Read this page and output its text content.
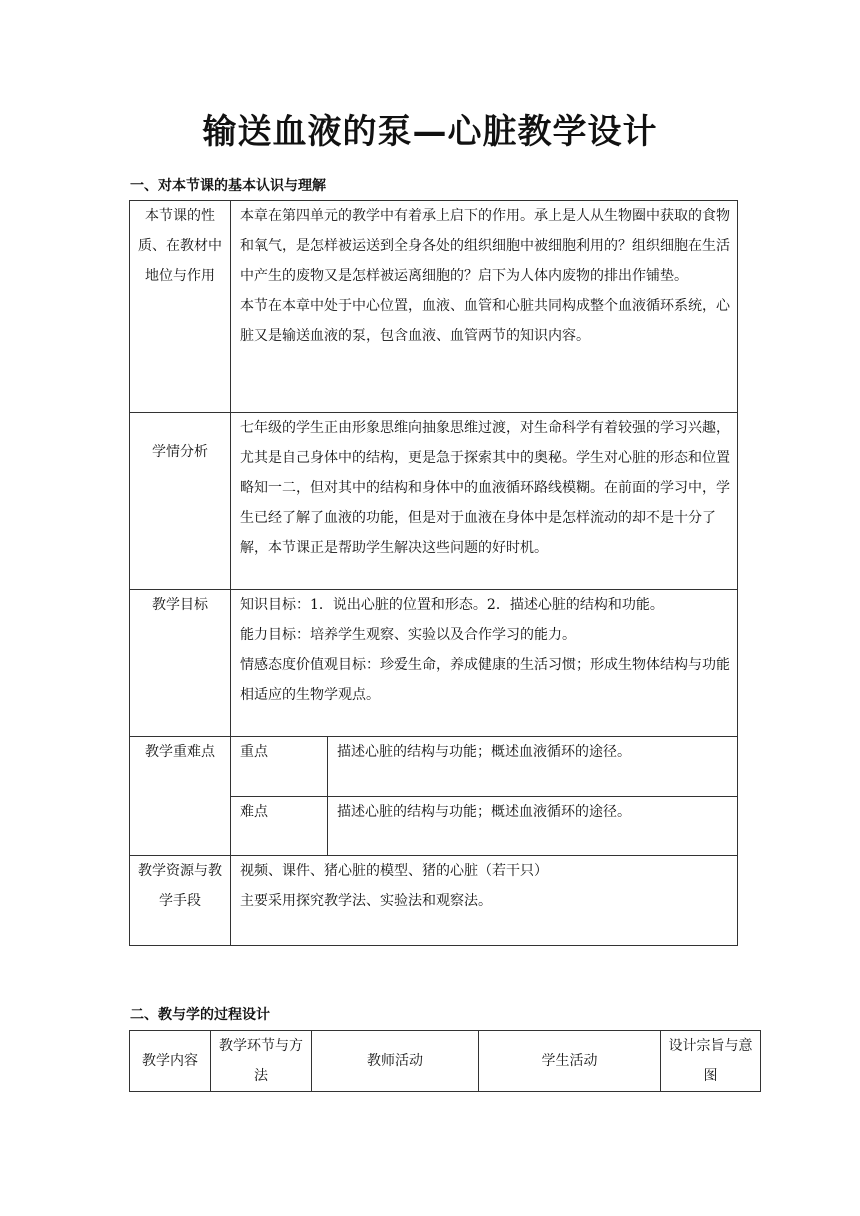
输送血液的泵—心脏教学设计
一、对本节课的基本认识与理解
本节课的性质、在教材中地位与作用	本章在第四单元的教学中有着承上启下的作用。承上是人从生物圈中获取的食物和氧气，是怎样被运送到全身各处的组织细胞中被细胞利用的？组织细胞在生活中产生的废物又是怎样被运离细胞的？启下为人体内废物的排出作铺垫。

本节在本章中处于中心位置，血液、血管和心脏共同构成整个血液循环系统，心脏又是输送血液的泵，包含血液、血管两节的知识内容。	

学情分析	七年级的学生正由形象思维向抽象思维过渡，对生命科学有着较强的学习兴趣，尤其是自己身体中的结构，更是急于探索其中的奥秘。学生对心脏的形态和位置略知一二，但对其中的结构和身体中的血液循环路线模糊。在前面的学习中，学生已经了解了血液的功能，但是对于血液在身体中是怎样流动的却不是十分了解，本节课正是帮助学生解决这些问题的好时机。	

教学目标	知识目标：1．说出心脏的位置和形态。2．描述心脏的结构和功能。

能力目标：培养学生观察、实验以及合作学习的能力。

情感态度价值观目标：珍爱生命，养成健康的生活习惯；形成生物体结构与功能相适应的生物学观点。	

教学重难点	重点	描述心脏的结构与功能；概述血液循环的途径。
	难点	描述心脏的结构与功能；概述血液循环的途径。
教学资源与教学手段	视频、课件、猪心脏的模型、猪的心脏（若干只）

主要采用探究教学法、实验法和观察法。	

二、教与学的过程设计
教学内容	教学环节与方法	教师活动	学生活动	设计宗旨与意图
